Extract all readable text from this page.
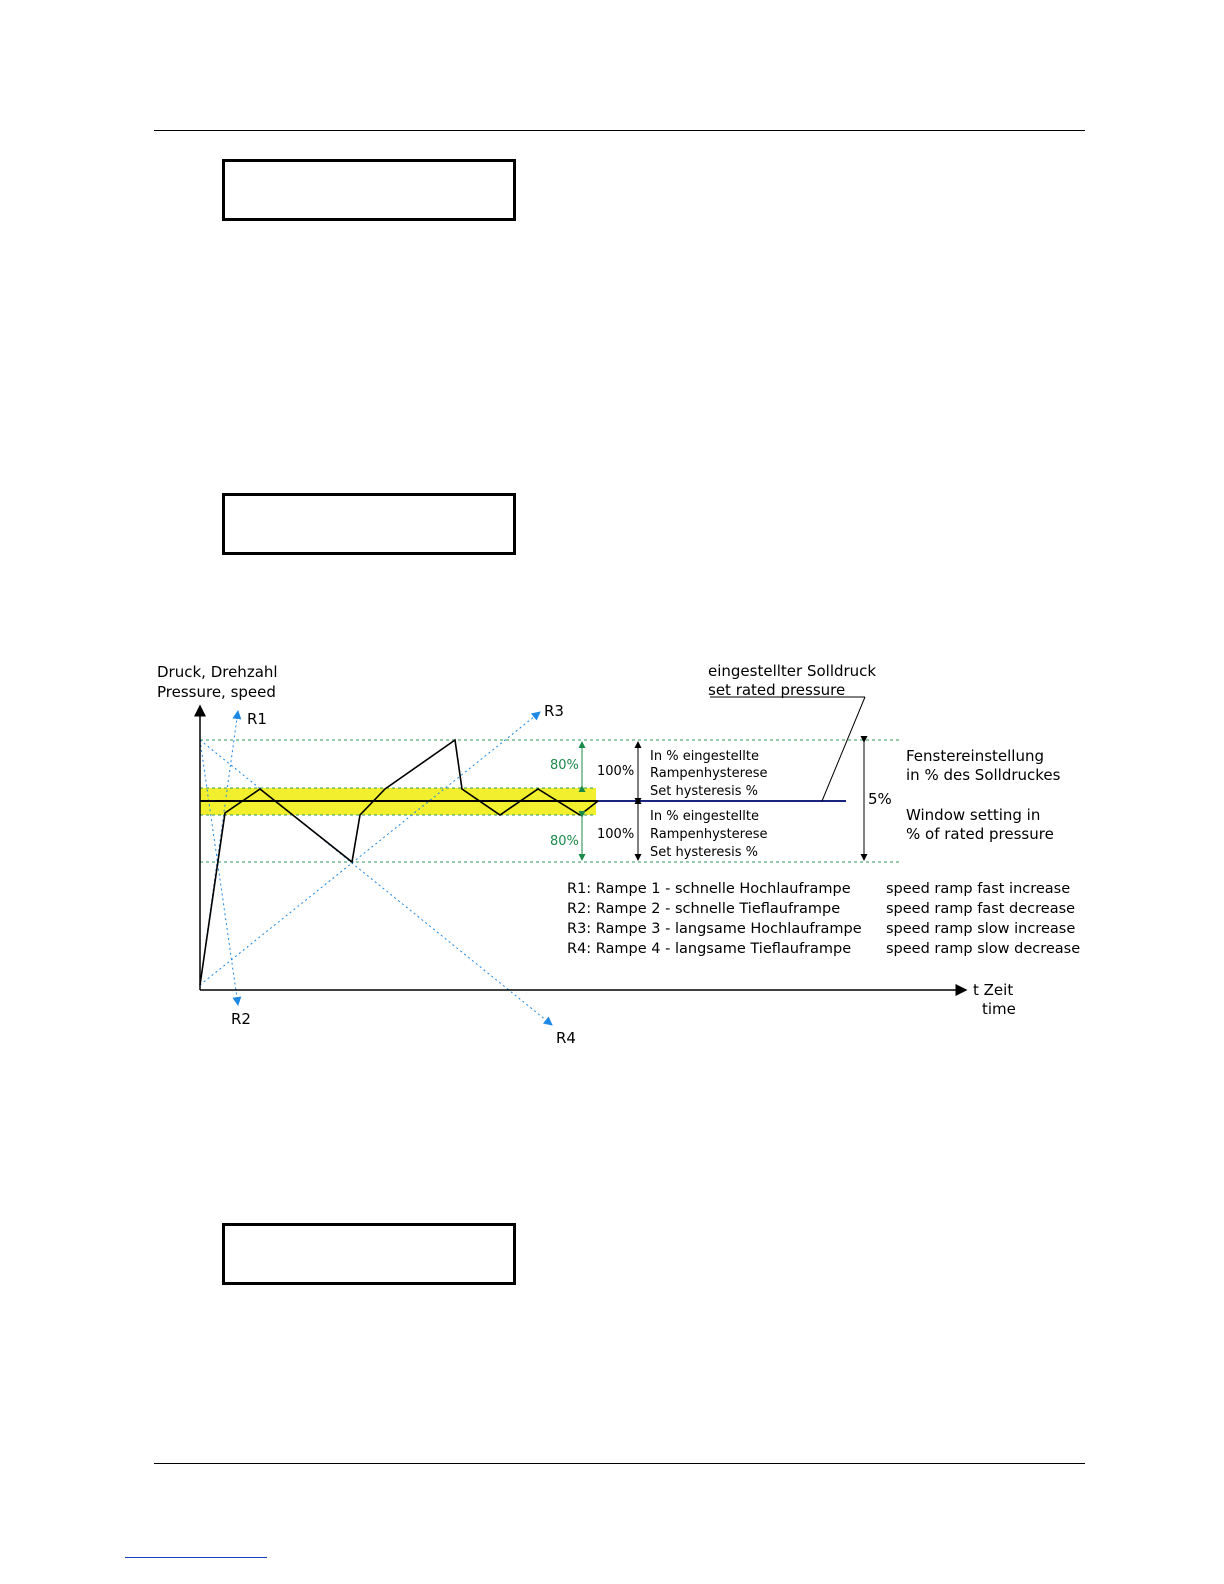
Druck, Drehzahl
Pressure, speed
t Zeit
time
R1
R2
R3
R4
eingestellter Solldruck
set rated pressure
5%
Fenstereinstellung
in % des Solldruckes
Window setting in
% of rated pressure
100%
100%
In % eingestellte
Rampenhysterese
Set hysteresis %
In % eingestellte
Rampenhysterese
Set hysteresis %
80%
80%
R1: Rampe 1 - schnelle Hochlauframpe
R2: Rampe 2 - schnelle Tieflauframpe
R3: Rampe 3 - langsame Hochlauframpe
R4: Rampe 4 - langsame Tieflauframpe
speed ramp fast increase
speed ramp fast decrease
speed ramp slow increase
speed ramp slow decrease
